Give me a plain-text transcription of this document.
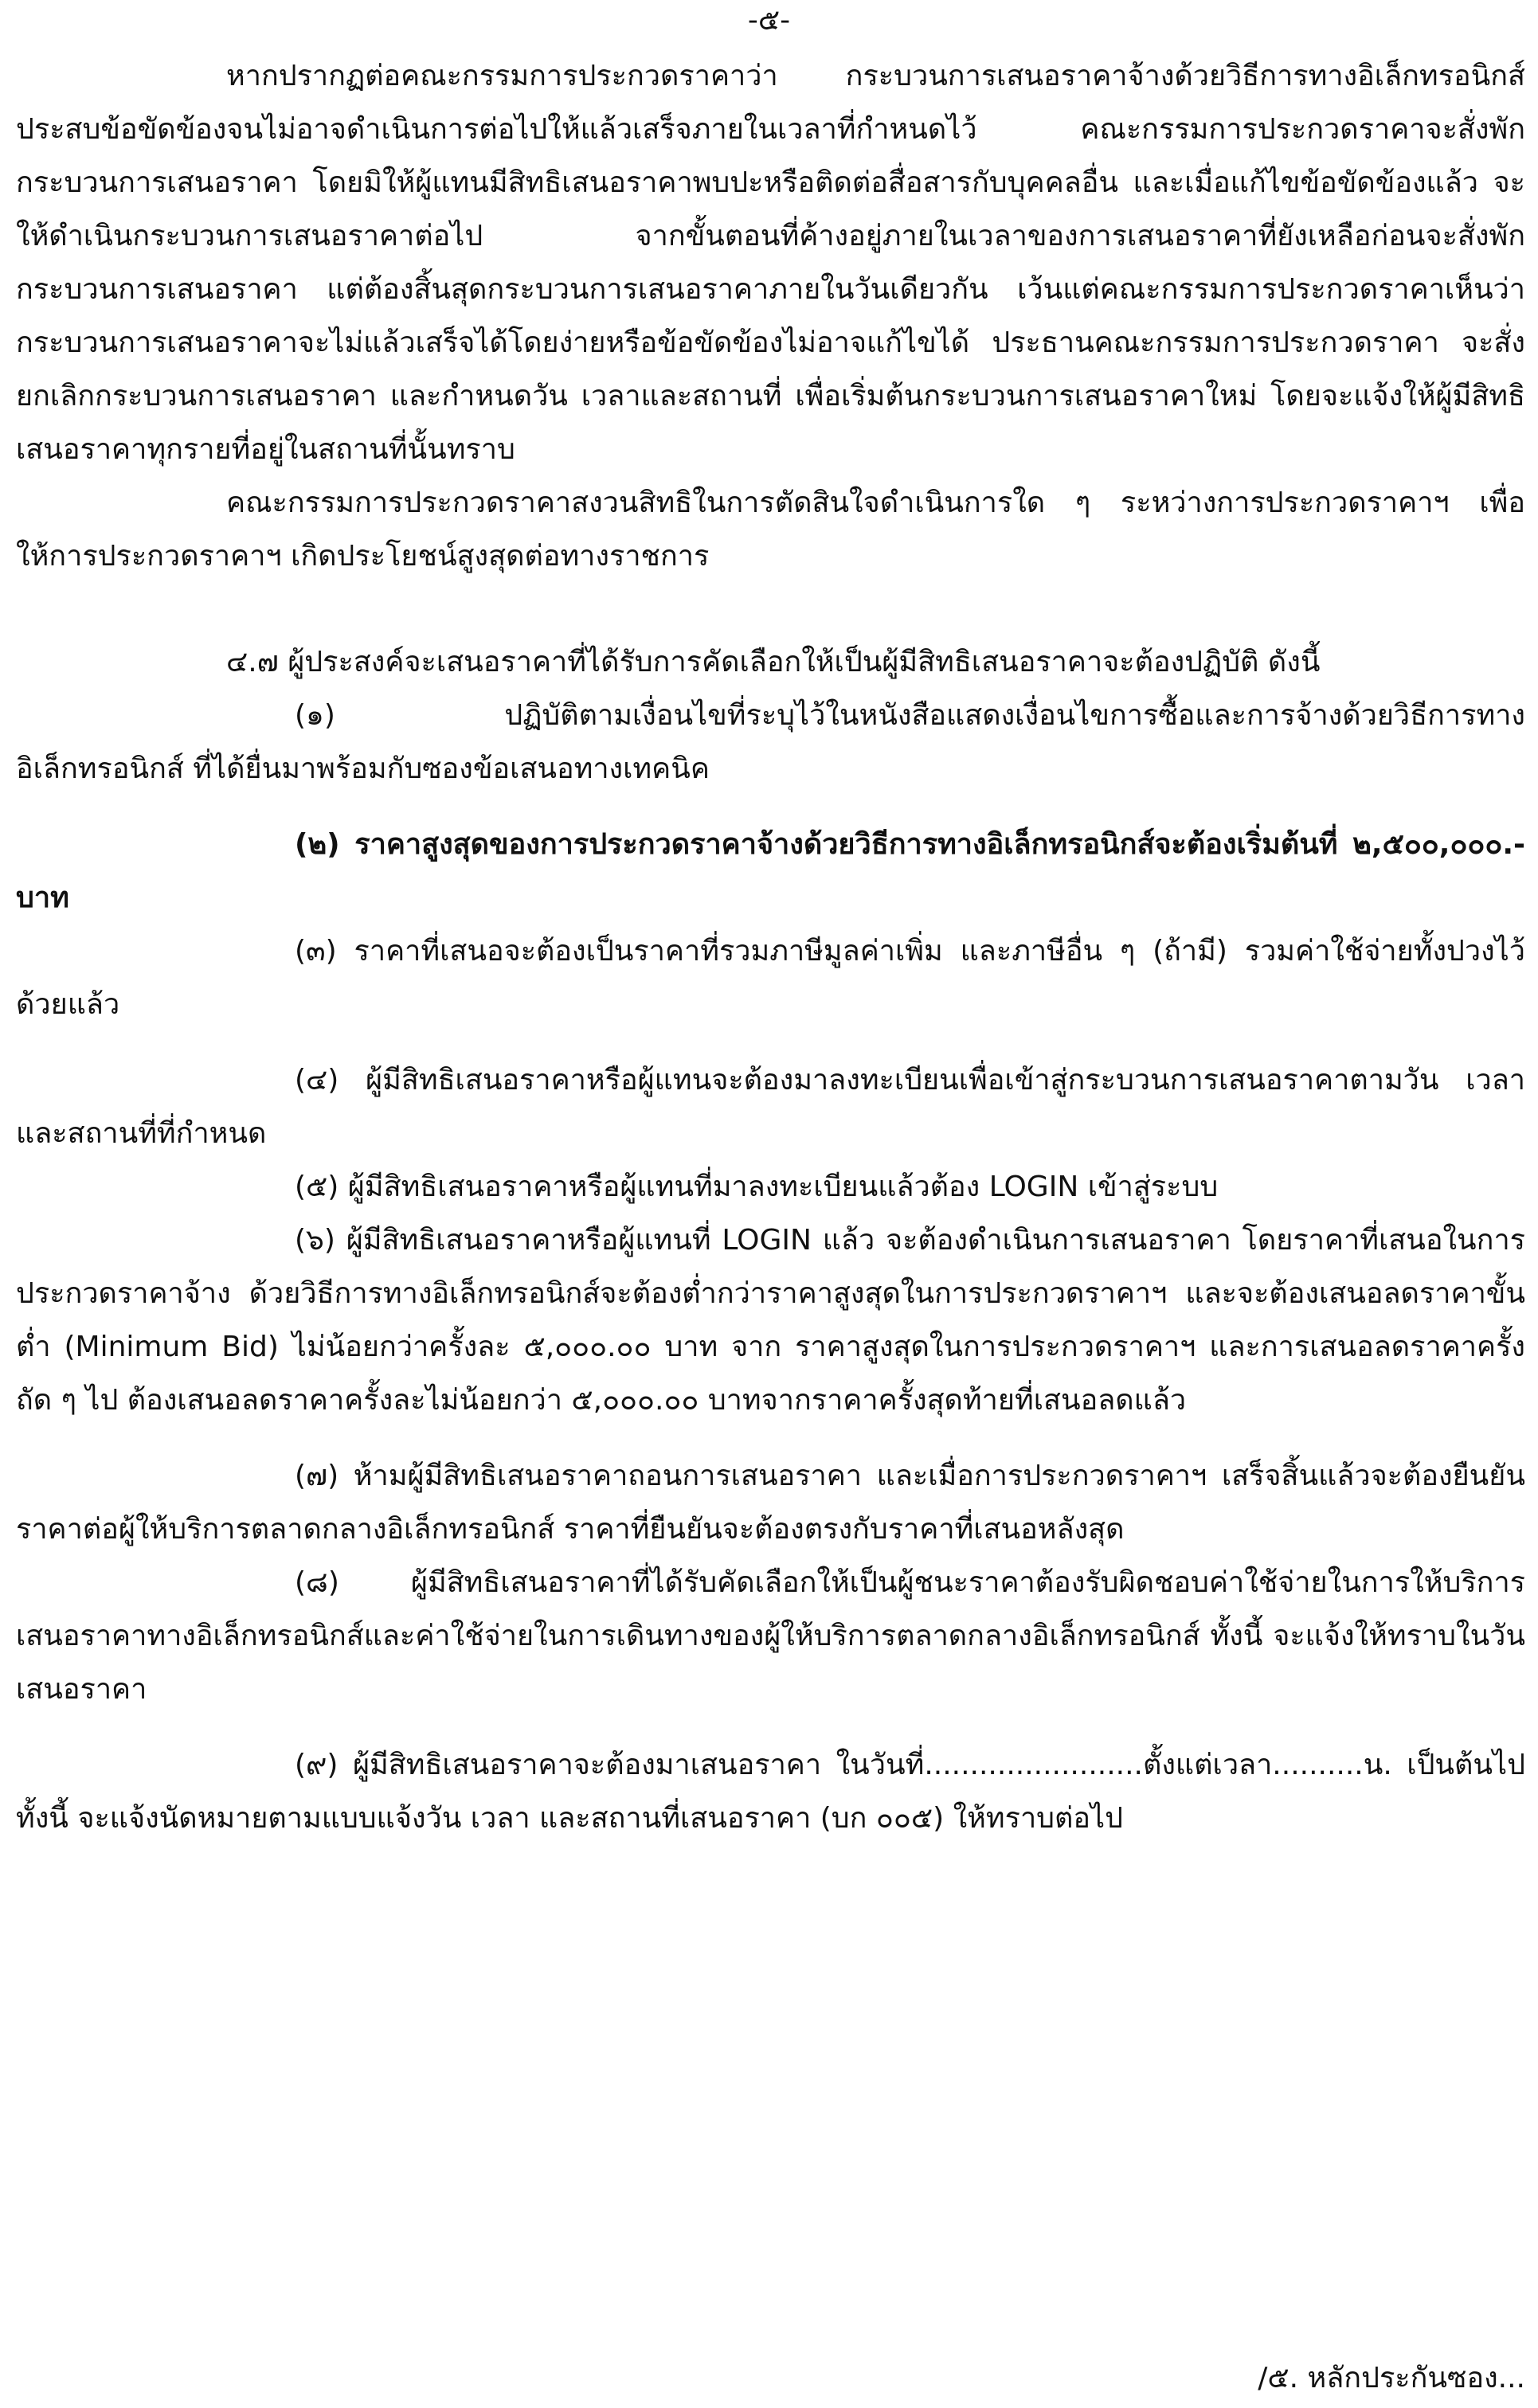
-๕-

หากปรากฏต่อคณะกรรมการประกวดราคาว่า กระบวนการเสนอราคาจ้างด้วยวิธีการทางอิเล็กทรอนิกส์ประสบข้อขัดข้องจนไม่อาจดำเนินการต่อไปให้แล้วเสร็จภายในเวลาที่กำหนดไว้ คณะกรรมการประกวดราคาจะสั่งพักกระบวนการเสนอราคา โดยมิให้ผู้แทนมีสิทธิเสนอราคาพบปะหรือติดต่อสื่อสารกับบุคคลอื่น และเมื่อแก้ไขข้อขัดข้องแล้ว จะให้ดำเนินกระบวนการเสนอราคาต่อไป จากขั้นตอนที่ค้างอยู่ภายในเวลาของการเสนอราคาที่ยังเหลือก่อนจะสั่งพักกระบวนการเสนอราคา แต่ต้องสิ้นสุดกระบวนการเสนอราคาภายในวันเดียวกัน เว้นแต่คณะกรรมการประกวดราคาเห็นว่ากระบวนการเสนอราคาจะไม่แล้วเสร็จได้โดยง่ายหรือข้อขัดข้องไม่อาจแก้ไขได้ ประธานคณะกรรมการประกวดราคา จะสั่งยกเลิกกระบวนการเสนอราคา และกำหนดวัน เวลาและสถานที่ เพื่อเริ่มต้นกระบวนการเสนอราคาใหม่ โดยจะแจ้งให้ผู้มีสิทธิเสนอราคาทุกรายที่อยู่ในสถานที่นั้นทราบ

คณะกรรมการประกวดราคาสงวนสิทธิในการตัดสินใจดำเนินการใด ๆ ระหว่างการประกวดราคาฯ เพื่อให้การประกวดราคาฯ เกิดประโยชน์สูงสุดต่อทางราชการ

๔.๗ ผู้ประสงค์จะเสนอราคาที่ได้รับการคัดเลือกให้เป็นผู้มีสิทธิเสนอราคาจะต้องปฏิบัติ ดังนี้

(๑) ปฏิบัติตามเงื่อนไขที่ระบุไว้ในหนังสือแสดงเงื่อนไขการซื้อและการจ้างด้วยวิธีการทางอิเล็กทรอนิกส์ ที่ได้ยื่นมาพร้อมกับซองข้อเสนอทางเทคนิค

(๒) ราคาสูงสุดของการประกวดราคาจ้างด้วยวิธีการทางอิเล็กทรอนิกส์จะต้องเริ่มต้นที่ ๒,๕๐๐,๐๐๐.- บาท

(๓) ราคาที่เสนอจะต้องเป็นราคาที่รวมภาษีมูลค่าเพิ่ม และภาษีอื่น ๆ (ถ้ามี) รวมค่าใช้จ่ายทั้งปวงไว้ด้วยแล้ว

(๔) ผู้มีสิทธิเสนอราคาหรือผู้แทนจะต้องมาลงทะเบียนเพื่อเข้าสู่กระบวนการเสนอราคาตามวัน เวลา และสถานที่ที่กำหนด

(๕) ผู้มีสิทธิเสนอราคาหรือผู้แทนที่มาลงทะเบียนแล้วต้อง LOGIN เข้าสู่ระบบ

(๖) ผู้มีสิทธิเสนอราคาหรือผู้แทนที่ LOGIN แล้ว จะต้องดำเนินการเสนอราคา โดยราคาที่เสนอในการประกวดราคาจ้าง ด้วยวิธีการทางอิเล็กทรอนิกส์จะต้องต่ำกว่าราคาสูงสุดในการประกวดราคาฯ และจะต้องเสนอลดราคาขั้นต่ำ (Minimum Bid) ไม่น้อยกว่าครั้งละ ๕,๐๐๐.๐๐ บาท จาก ราคาสูงสุดในการประกวดราคาฯ และการเสนอลดราคาครั้งถัด ๆ ไป ต้องเสนอลดราคาครั้งละไม่น้อยกว่า ๕,๐๐๐.๐๐ บาทจากราคาครั้งสุดท้ายที่เสนอลดแล้ว

(๗) ห้ามผู้มีสิทธิเสนอราคาถอนการเสนอราคา และเมื่อการประกวดราคาฯ เสร็จสิ้นแล้วจะต้องยืนยันราคาต่อผู้ให้บริการตลาดกลางอิเล็กทรอนิกส์ ราคาที่ยืนยันจะต้องตรงกับราคาที่เสนอหลังสุด

(๘) ผู้มีสิทธิเสนอราคาที่ได้รับคัดเลือกให้เป็นผู้ชนะราคาต้องรับผิดชอบค่าใช้จ่ายในการให้บริการเสนอราคาทางอิเล็กทรอนิกส์และค่าใช้จ่ายในการเดินทางของผู้ให้บริการตลาดกลางอิเล็กทรอนิกส์ ทั้งนี้ จะแจ้งให้ทราบในวันเสนอราคา

(๙) ผู้มีสิทธิเสนอราคาจะต้องมาเสนอราคา ในวันที่........................ตั้งแต่เวลา..........น. เป็นต้นไป ทั้งนี้ จะแจ้งนัดหมายตามแบบแจ้งวัน เวลา และสถานที่เสนอราคา (บก ๐๐๕) ให้ทราบต่อไป

/๕. หลักประกันซอง...
